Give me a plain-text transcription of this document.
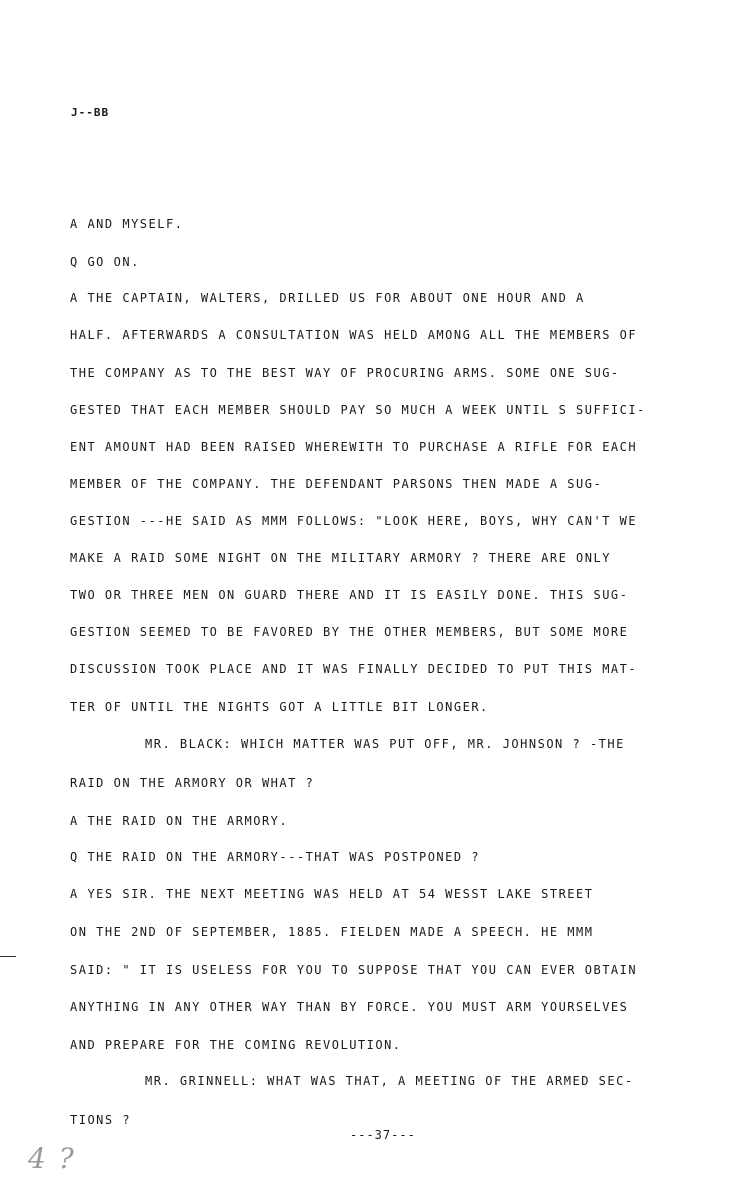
J--BB
A AND MYSELF.
Q GO ON.
A THE CAPTAIN, WALTERS, DRILLED US FOR ABOUT ONE HOUR AND A
HALF. AFTERWARDS A CONSULTATION WAS HELD AMONG ALL THE MEMBERS OF
THE COMPANY AS TO THE BEST WAY OF PROCURING ARMS. SOME ONE SUG-
GESTED THAT EACH MEMBER SHOULD PAY SO MUCH A WEEK UNTIL S SUFFICI-
ENT AMOUNT HAD BEEN RAISED WHEREWITH TO PURCHASE A RIFLE FOR EACH
MEMBER OF THE COMPANY. THE DEFENDANT PARSONS THEN MADE A SUG-
GESTION ---HE SAID AS MMM FOLLOWS: "LOOK HERE, BOYS, WHY CAN'T WE
MAKE A RAID SOME NIGHT ON THE MILITARY ARMORY ? THERE ARE ONLY
TWO OR THREE MEN ON GUARD THERE AND IT IS EASILY DONE. THIS SUG-
GESTION SEEMED TO BE FAVORED BY THE OTHER MEMBERS, BUT SOME MORE
DISCUSSION TOOK PLACE AND IT WAS FINALLY DECIDED TO PUT THIS MAT-
TER OF UNTIL THE NIGHTS GOT A LITTLE BIT LONGER.
MR. BLACK: WHICH MATTER WAS PUT OFF, MR. JOHNSON ? -THE
RAID ON THE ARMORY OR WHAT ?
A THE RAID ON THE ARMORY.
Q THE RAID ON THE ARMORY---THAT WAS POSTPONED ?
A YES SIR. THE NEXT MEETING WAS HELD AT 54 WESST LAKE STREET
ON THE 2ND OF SEPTEMBER, 1885. FIELDEN MADE A SPEECH. HE MMM
SAID: " IT IS USELESS FOR YOU TO SUPPOSE THAT YOU CAN EVER OBTAIN
ANYTHING IN ANY OTHER WAY THAN BY FORCE. YOU MUST ARM YOURSELVES
AND PREPARE FOR THE COMING REVOLUTION.
MR. GRINNELL: WHAT WAS THAT, A MEETING OF THE ARMED SEC-
TIONS ?
---37---
4 ?
